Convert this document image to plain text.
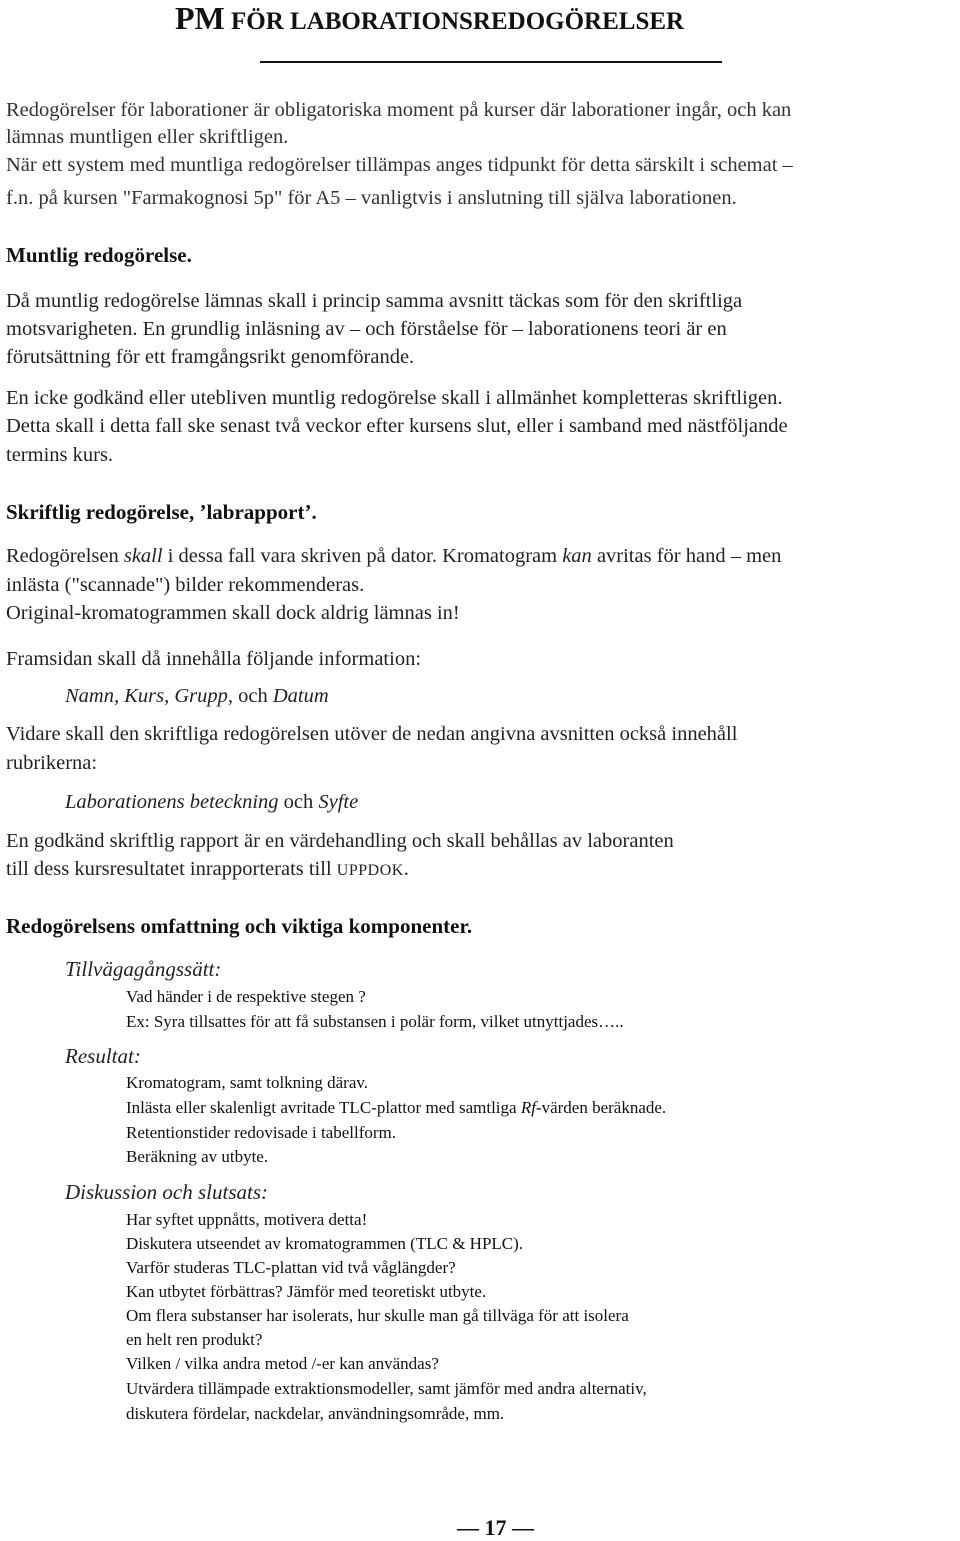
PM FÖR LABORATIONSREDOGÖRELSER

Redogörelser för laborationer är obligatoriska moment på kurser där laborationer ingår, och kan

lämnas muntligen eller skriftligen.

När ett system med muntliga redogörelser tillämpas anges tidpunkt för detta särskilt i schemat –

f.n. på kursen "Farmakognosi 5p" för A5 – vanligtvis i anslutning till själva laborationen.

Muntlig redogörelse.

Då muntlig redogörelse lämnas skall i princip samma avsnitt täckas som för den skriftliga

motsvarigheten. En grundlig inläsning av – och förståelse för – laborationens teori är en

förutsättning för ett framgångsrikt genomförande.

En icke godkänd eller utebliven muntlig redogörelse skall i allmänhet kompletteras skriftligen.

Detta skall i detta fall ske senast två veckor efter kursens slut, eller i samband med nästföljande

termins kurs.

Skriftlig redogörelse, ’labrapport’.

Redogörelsen skall i dessa fall vara skriven på dator. Kromatogram kan avritas för hand – men

inlästa ("scannade") bilder rekommenderas.

Original-kromatogrammen skall dock aldrig lämnas in!

Framsidan skall då innehålla följande information:

Namn, Kurs, Grupp, och Datum

Vidare skall den skriftliga redogörelsen utöver de nedan angivna avsnitten också innehåll

rubrikerna:

Laborationens beteckning och Syfte

En godkänd skriftlig rapport är en värdehandling och skall behållas av laboranten

till dess kursresultatet inrapporterats till UPPDOK.

Redogörelsens omfattning och viktiga komponenter.

Tillvägagångssätt:
Vad händer i de respektive stegen ?
Ex: Syra tillsattes för att få substansen i polär form, vilket utnyttjades…..
Resultat:
Kromatogram, samt tolkning därav.
Inlästa eller skalenligt avritade TLC-plattor med samtliga Rf-värden beräknade.
Retentionstider redovisade i tabellform.
Beräkning av utbyte.
Diskussion och slutsats:
Har syftet uppnåtts, motivera detta!
Diskutera utseendet av kromatogrammen (TLC & HPLC).
Varför studeras TLC-plattan vid två våglängder?
Kan utbytet förbättras? Jämför med teoretiskt utbyte.
Om flera substanser har isolerats, hur skulle man gå tillväga för att isolera
en helt ren produkt?
Vilken / vilka andra metod /-er kan användas?
Utvärdera tillämpade extraktionsmodeller, samt jämför med andra alternativ,
diskutera fördelar, nackdelar, användningsområde, mm.
— 17 —
